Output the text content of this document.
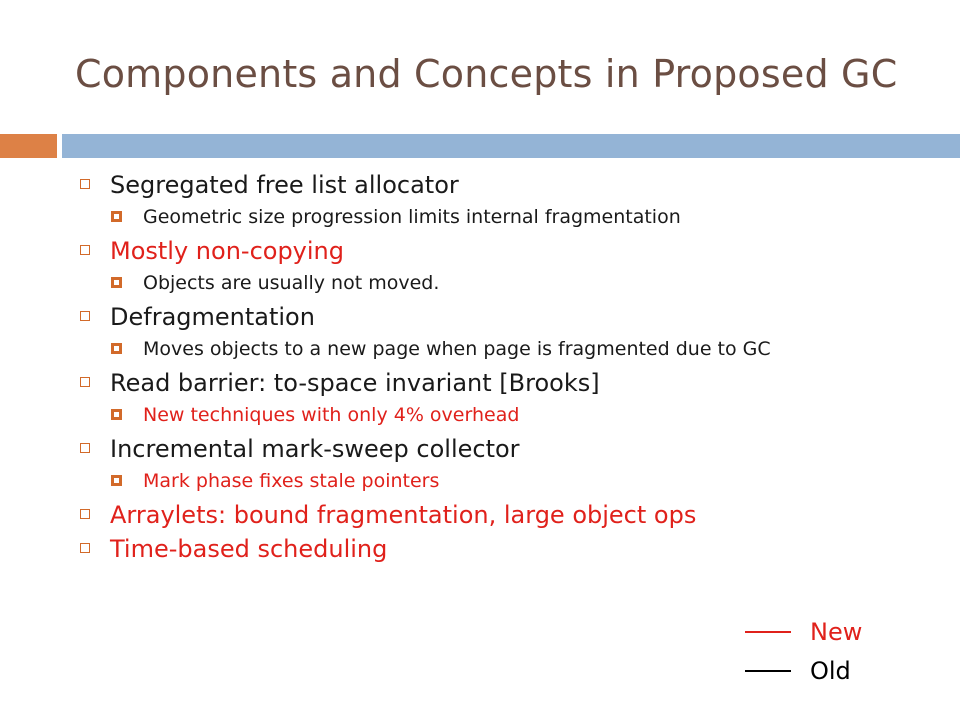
Components and Concepts in Proposed GC
Segregated free list allocator
Geometric size progression limits internal fragmentation
Mostly non-copying
Objects are usually not moved.
Defragmentation
Moves objects to a new page when page is fragmented due to GC
Read barrier: to-space invariant [Brooks]
New techniques with only 4% overhead
Incremental mark-sweep collector
Mark phase fixes stale pointers
Arraylets: bound fragmentation, large object ops
Time-based scheduling
New
Old
